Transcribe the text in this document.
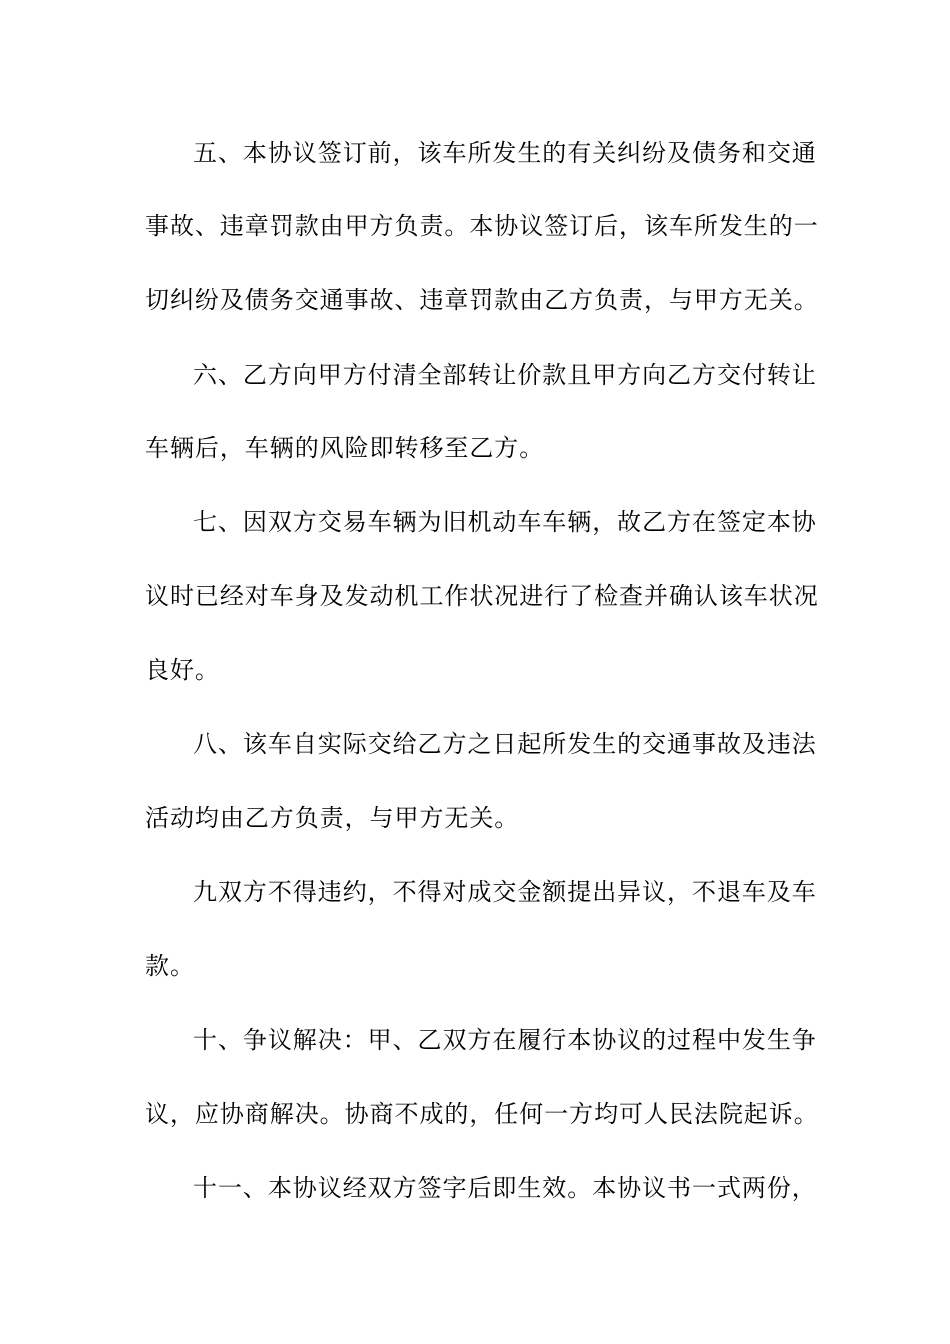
五、本协议签订前，该车所发生的有关纠纷及债务和交通

事故、违章罚款由甲方负责。本协议签订后，该车所发生的一

切纠纷及债务交通事故、违章罚款由乙方负责，与甲方无关。

六、乙方向甲方付清全部转让价款且甲方向乙方交付转让

车辆后，车辆的风险即转移至乙方。

七、因双方交易车辆为旧机动车车辆，故乙方在签定本协

议时已经对车身及发动机工作状况进行了检查并确认该车状况

良好。

八、该车自实际交给乙方之日起所发生的交通事故及违法

活动均由乙方负责，与甲方无关。

九双方不得违约，不得对成交金额提出异议，不退车及车

款。

十、争议解决：甲、乙双方在履行本协议的过程中发生争

议，应协商解决。协商不成的，任何一方均可人民法院起诉。

十一、本协议经双方签字后即生效。本协议书一式两份，
